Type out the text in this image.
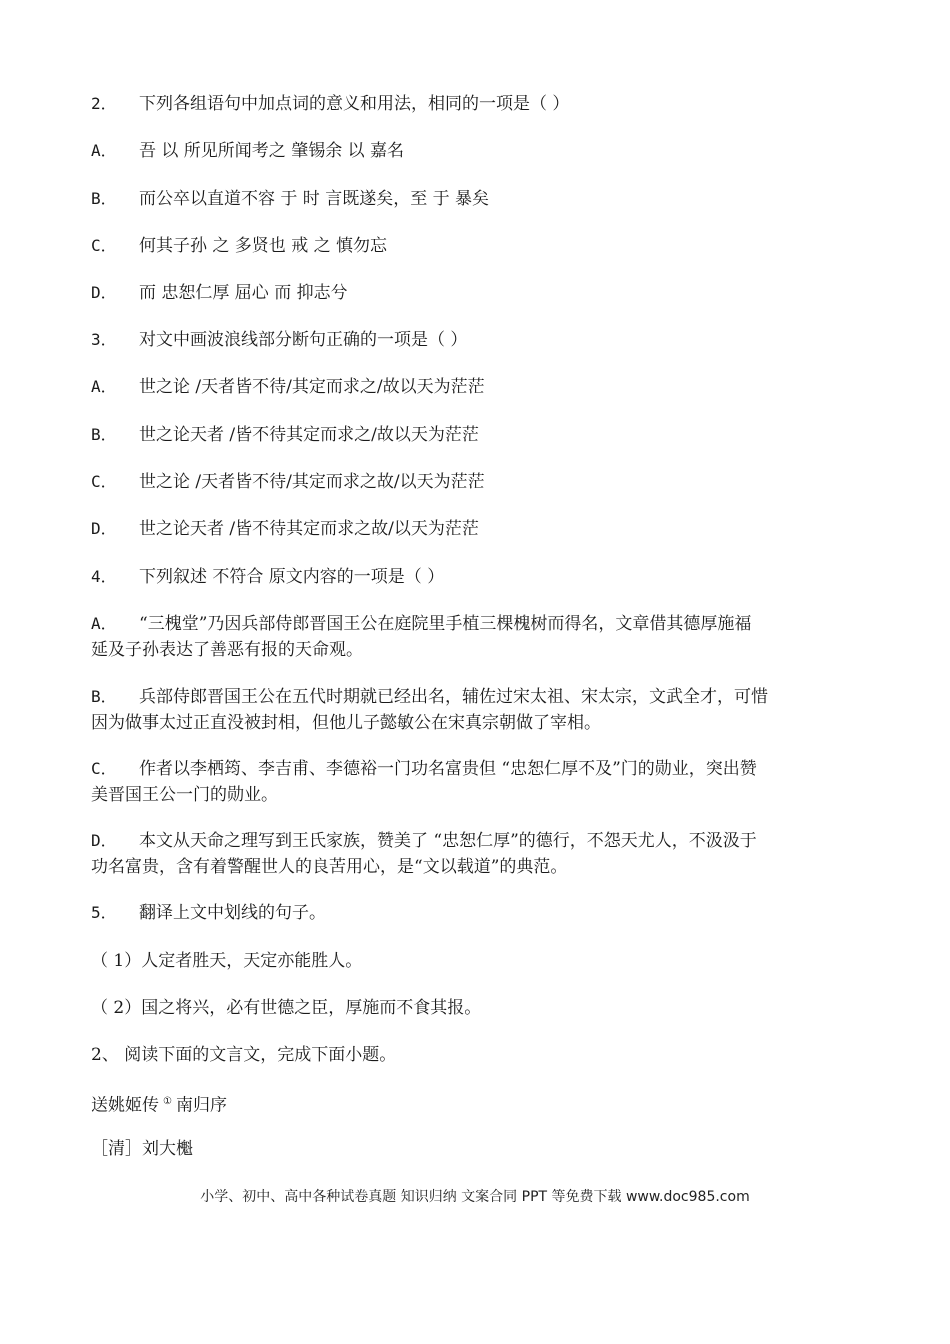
2． 下列各组语句中加点词的意义和用法，相同的一项是（ ）
A． 吾 以 所见所闻考之 肇锡余 以 嘉名
B． 而公卒以直道不容 于 时 言既遂矣，至 于 暴矣
C． 何其子孙 之 多贤也 戒 之 慎勿忘
D． 而 忠恕仁厚 屈心 而 抑志兮
3． 对文中画波浪线部分断句正确的一项是（ ）
A． 世之论 /天者皆不待/其定而求之/故以天为茫茫
B． 世之论天者 /皆不待其定而求之/故以天为茫茫
C． 世之论 /天者皆不待/其定而求之故/以天为茫茫
D． 世之论天者 /皆不待其定而求之故/以天为茫茫
4． 下列叙述 不符合 原文内容的一项是（ ）
A． “三槐堂”乃因兵部侍郎晋国王公在庭院里手植三棵槐树而得名，文章借其德厚施福
延及子孙表达了善恶有报的天命观。
B． 兵部侍郎晋国王公在五代时期就已经出名，辅佐过宋太祖、宋太宗，文武全才，可惜
因为做事太过正直没被封相，但他儿子懿敏公在宋真宗朝做了宰相。
C． 作者以李栖筠、李吉甫、李德裕一门功名富贵但 “忠恕仁厚不及”门的勋业，突出赞
美晋国王公一门的勋业。
D． 本文从天命之理写到王氏家族，赞美了 “忠恕仁厚”的德行，不怨天尤人，不汲汲于
功名富贵，含有着警醒世人的良苦用心，是“文以载道”的典范。
5． 翻译上文中划线的句子。
（ 1）人定者胜天，天定亦能胜人。
（ 2）国之将兴，必有世德之臣，厚施而不食其报。
2、 阅读下面的文言文，完成下面小题。
送姚姬传 ① 南归序
［清］刘大櫆
小学、初中、高中各种试卷真题 知识归纳 文案合同 PPT 等免费下载 www.doc985.com
